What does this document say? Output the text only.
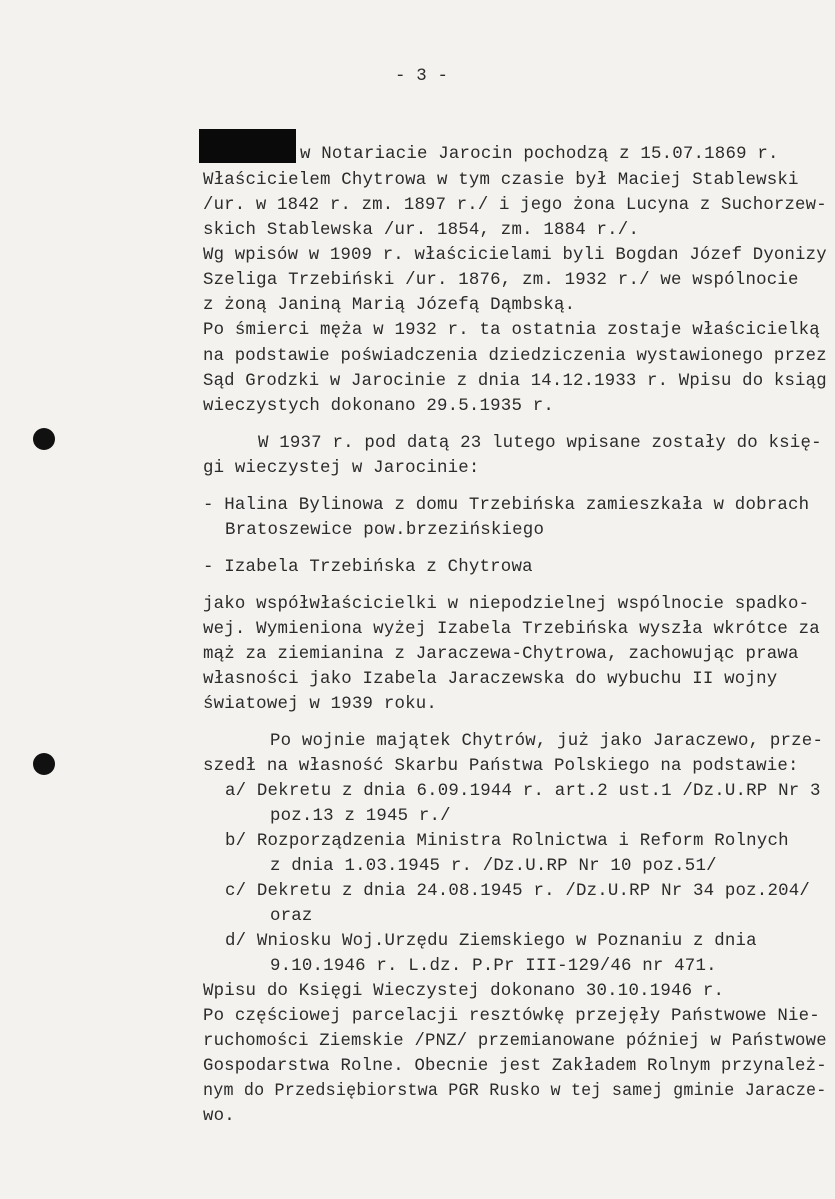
- 3 -
w Notariacie Jarocin pochodzą z 15.07.1869 r.
Właścicielem Chytrowa w tym czasie był Maciej Stablewski
/ur. w 1842 r. zm. 1897 r./ i jego żona Lucyna z Suchorzew-
skich Stablewska /ur. 1854, zm. 1884 r./.
Wg wpisów w 1909 r. właścicielami byli Bogdan Józef Dyonizy
Szeliga Trzebiński /ur. 1876, zm. 1932 r./ we wspólnocie
z żoną Janiną Marią Józefą Dąmbską.
Po śmierci męża w 1932 r. ta ostatnia zostaje właścicielką
na podstawie poświadczenia dziedziczenia wystawionego przez
Sąd Grodzki w Jarocinie z dnia 14.12.1933 r. Wpisu do ksiąg
wieczystych dokonano 29.5.1935 r.
W 1937 r. pod datą 23 lutego wpisane zostały do księ-
gi wieczystej w Jarocinie:
- Halina Bylinowa z domu Trzebińska zamieszkała w dobrach
Bratoszewice pow.brzezińskiego
- Izabela Trzebińska z Chytrowa
jako współwłaścicielki w niepodzielnej wspólnocie spadko-
wej. Wymieniona wyżej Izabela Trzebińska wyszła wkrótce za
mąż za ziemianina z Jaraczewa-Chytrowa, zachowując prawa
własności jako Izabela Jaraczewska do wybuchu II wojny
światowej w 1939 roku.
Po wojnie majątek Chytrów, już jako Jaraczewo, prze-
szedł na własność Skarbu Państwa Polskiego na podstawie:
a/ Dekretu z dnia 6.09.1944 r. art.2 ust.1 /Dz.U.RP Nr 3
poz.13 z 1945 r./
b/ Rozporządzenia Ministra Rolnictwa i Reform Rolnych
z dnia 1.03.1945 r. /Dz.U.RP Nr 10 poz.51/
c/ Dekretu z dnia 24.08.1945 r. /Dz.U.RP Nr 34 poz.204/
oraz
d/ Wniosku Woj.Urzędu Ziemskiego w Poznaniu z dnia
9.10.1946 r. L.dz. P.Pr III-129/46 nr 471.
Wpisu do Księgi Wieczystej dokonano 30.10.1946 r.
Po częściowej parcelacji resztówkę przejęły Państwowe Nie-
ruchomości Ziemskie /PNZ/ przemianowane później w Państwowe
Gospodarstwa Rolne. Obecnie jest Zakładem Rolnym przynależ-
nym do Przedsiębiorstwa PGR Rusko w tej samej gminie Jaracze-
wo.
